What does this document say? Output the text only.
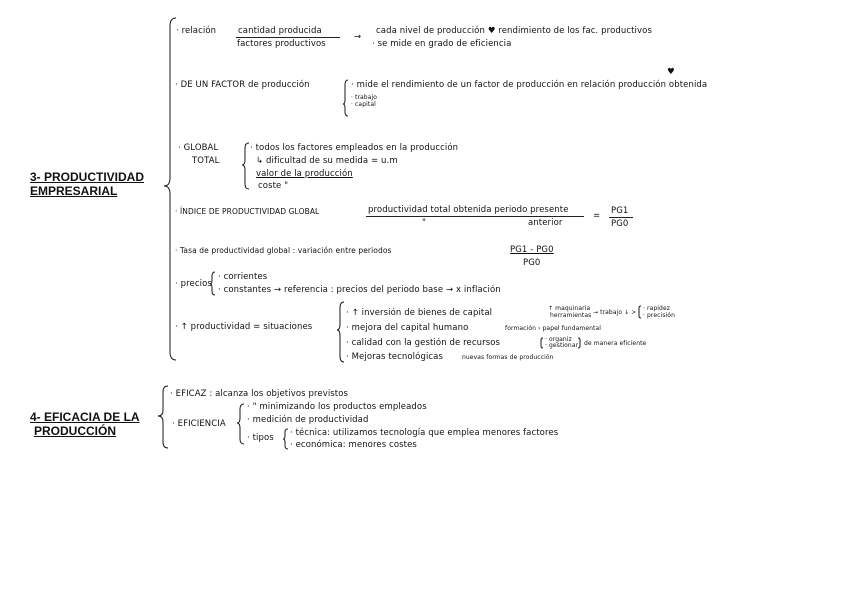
3- PRODUCTIVIDAD
EMPRESARIAL
· relación	cantidad producida
factores productivos
→
cada nivel de producción ♥ rendimiento de los fac. productivos
· se mide en grado de eficiencia
· DE UN FACTOR de producción
♥
· mide el rendimiento de un factor de producción en relación producción obtenida
· trabajo
· capital
· GLOBAL
TOTAL
· todos los factores empleados en la producción
↳ dificultad de su medida = u.m
valor de la producción
coste "
· ÍNDICE DE PRODUCTIVIDAD GLOBAL	productividad total obtenida periodo presente
"	anterior
= PG1
PG0
· Tasa de productividad global : variación entre periodos	PG1 - PG0
PG0
· precios
· corrientes
· constantes → referencia : precios del periodo base → x inflación
· ↑ productividad = situaciones
· ↑ inversión de bienes de capital	↑ maquinaria
herramientas → trabajo ↓ >
· rapidez
· precisión
· mejora del capital humano	formación › papel fundamental
· calidad con la gestión de recursos	· organiz
· gestionar de manera eficiente
· Mejoras tecnológicas	nuevas formas de producción
4- EFICACIA DE LA
PRODUCCIÓN
· EFICAZ : alcanza los objetivos previstos
· EFICIENCIA
· " minimizando los productos empleados
· medición de productividad
· tipos · técnica: utilizamos tecnología que emplea menores factores
· económica: menores costes
